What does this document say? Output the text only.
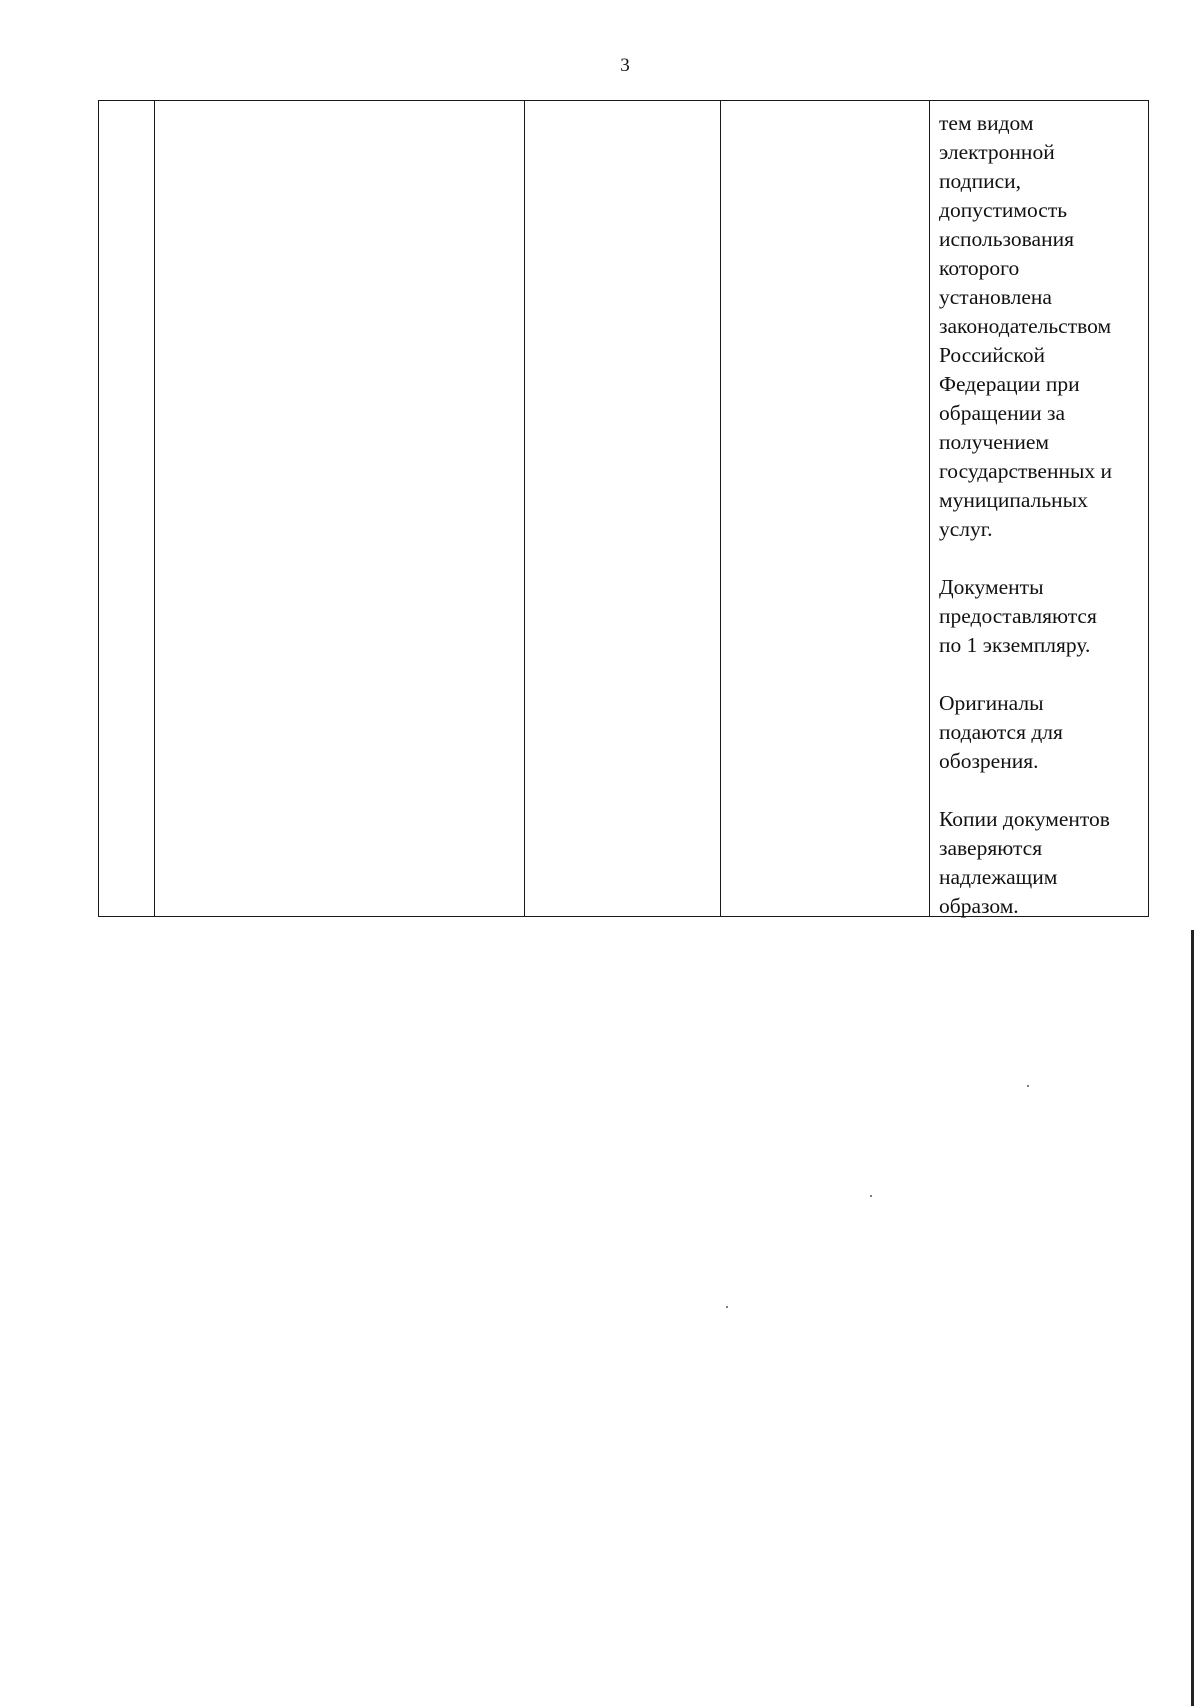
3

тем видом
электронной
подписи,
допустимость
использования
которого
установлена
законодательством
Российской
Федерации при
обращении за
получением
государственных и
муниципальных
услуг.

Документы
предоставляются
по 1 экземпляру.

Оригиналы
подаются для
обозрения.

Копии документов
заверяются
надлежащим
образом.
